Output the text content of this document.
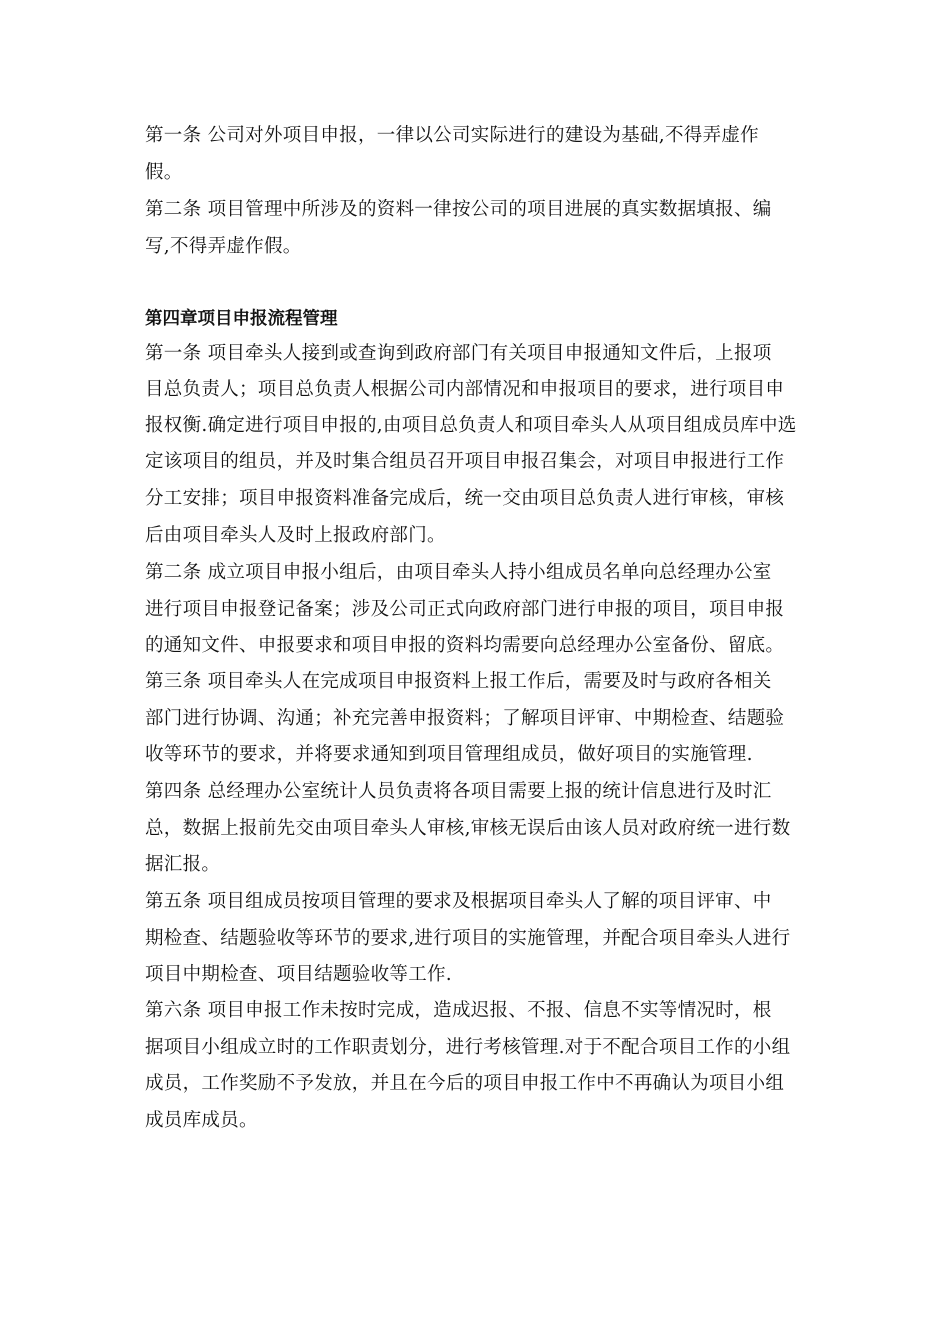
第一条 公司对外项目申报，一律以公司实际进行的建设为基础,不得弄虚作
假。
第二条 项目管理中所涉及的资料一律按公司的项目进展的真实数据填报、编
写,不得弄虚作假。
第四章项目申报流程管理
第一条 项目牵头人接到或查询到政府部门有关项目申报通知文件后，上报项
目总负责人；项目总负责人根据公司内部情况和申报项目的要求，进行项目申
报权衡.确定进行项目申报的,由项目总负责人和项目牵头人从项目组成员库中选
定该项目的组员，并及时集合组员召开项目申报召集会，对项目申报进行工作
分工安排；项目申报资料准备完成后，统一交由项目总负责人进行审核，审核
后由项目牵头人及时上报政府部门。
第二条 成立项目申报小组后，由项目牵头人持小组成员名单向总经理办公室
进行项目申报登记备案；涉及公司正式向政府部门进行申报的项目，项目申报
的通知文件、申报要求和项目申报的资料均需要向总经理办公室备份、留底。
第三条 项目牵头人在完成项目申报资料上报工作后，需要及时与政府各相关
部门进行协调、沟通；补充完善申报资料；了解项目评审、中期检查、结题验
收等环节的要求，并将要求通知到项目管理组成员，做好项目的实施管理.
第四条 总经理办公室统计人员负责将各项目需要上报的统计信息进行及时汇
总，数据上报前先交由项目牵头人审核,审核无误后由该人员对政府统一进行数
据汇报。
第五条 项目组成员按项目管理的要求及根据项目牵头人了解的项目评审、中
期检查、结题验收等环节的要求,进行项目的实施管理，并配合项目牵头人进行
项目中期检查、项目结题验收等工作.
第六条 项目申报工作未按时完成，造成迟报、不报、信息不实等情况时，根
据项目小组成立时的工作职责划分，进行考核管理.对于不配合项目工作的小组
成员，工作奖励不予发放，并且在今后的项目申报工作中不再确认为项目小组
成员库成员。
